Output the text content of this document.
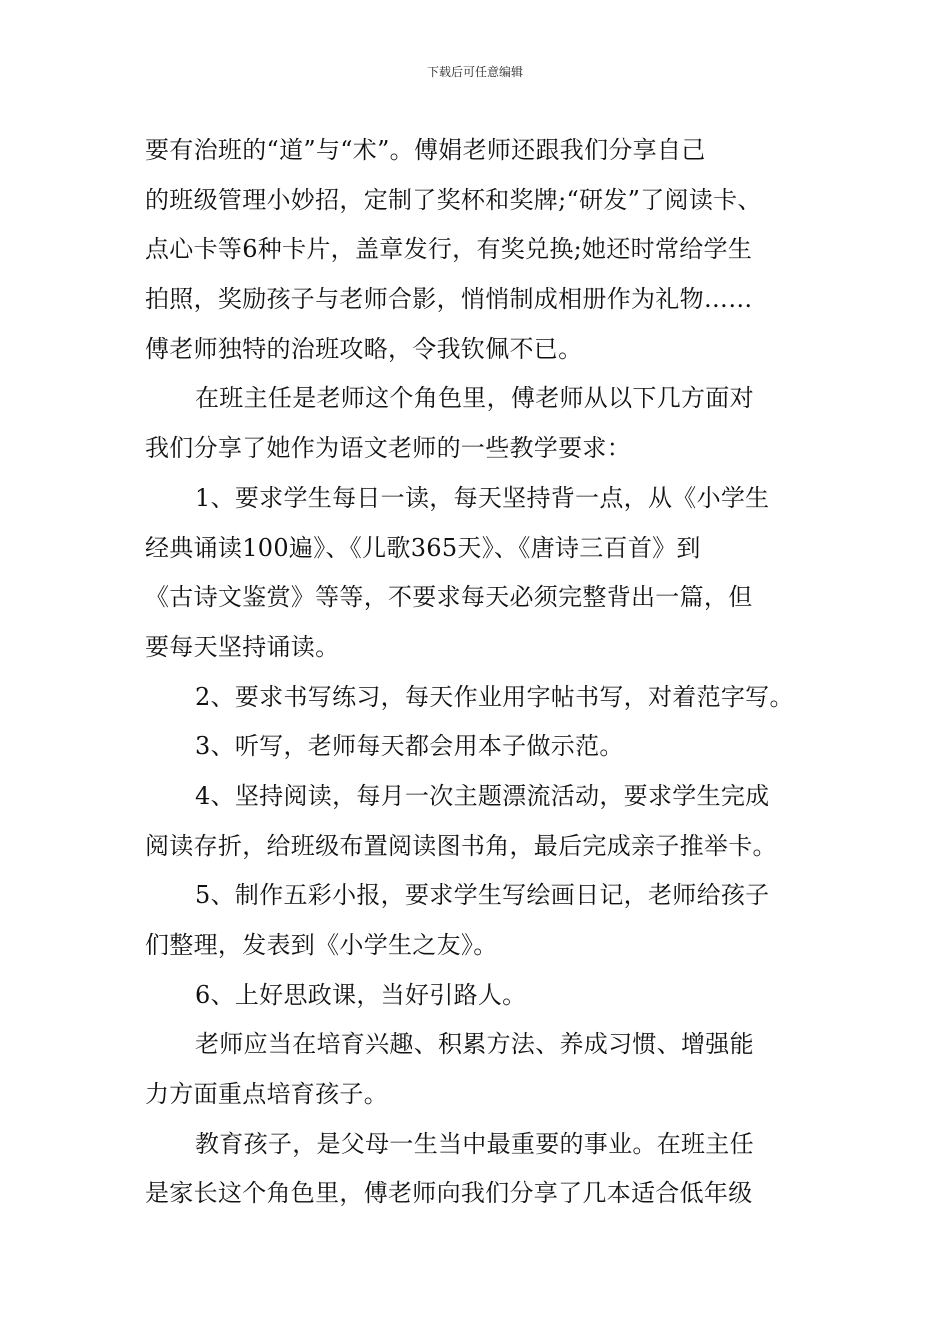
下载后可任意编辑
要有治班的“道”与“术”。傅娟老师还跟我们分享自己
的班级管理小妙招，定制了奖杯和奖牌;“研发”了阅读卡、
点心卡等6种卡片，盖章发行，有奖兑换;她还时常给学生
拍照，奖励孩子与老师合影，悄悄制成相册作为礼物……
傅老师独特的治班攻略，令我钦佩不已。
在班主任是老师这个角色里，傅老师从以下几方面对
我们分享了她作为语文老师的一些教学要求：
1、要求学生每日一读，每天坚持背一点，从《小学生
经典诵读100遍》、《儿歌365天》、《唐诗三百首》到
《古诗文鉴赏》等等，不要求每天必须完整背出一篇，但
要每天坚持诵读。
2、要求书写练习，每天作业用字帖书写，对着范字写。
3、听写，老师每天都会用本子做示范。
4、坚持阅读，每月一次主题漂流活动，要求学生完成
阅读存折，给班级布置阅读图书角，最后完成亲子推举卡。
5、制作五彩小报，要求学生写绘画日记，老师给孩子
们整理，发表到《小学生之友》。
6、上好思政课，当好引路人。
老师应当在培育兴趣、积累方法、养成习惯、增强能
力方面重点培育孩子。
教育孩子，是父母一生当中最重要的事业。在班主任
是家长这个角色里，傅老师向我们分享了几本适合低年级
